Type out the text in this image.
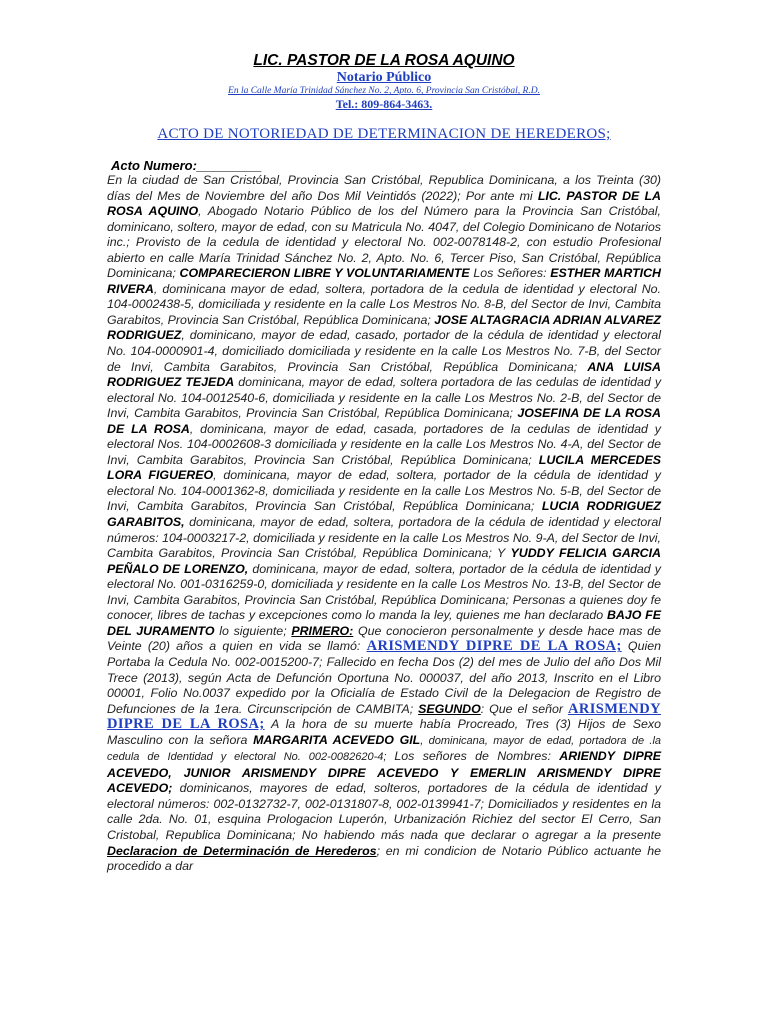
LIC. PASTOR DE LA ROSA AQUINO
Notario Público
En la Calle María Trinidad Sánchez No. 2, Apto. 6, Provincia San Cristóbal, R.D.
Tel.: 809-864-3463.
ACTO DE NOTORIEDAD DE DETERMINACION DE HEREDEROS;
Acto Numero:_________
En la ciudad de San Cristóbal, Provincia San Cristóbal, Republica Dominicana, a los Treinta (30) días del Mes de Noviembre del año Dos Mil Veintidós (2022); Por ante mi LIC. PASTOR DE LA ROSA AQUINO, Abogado Notario Público de los del Número para la Provincia San Cristóbal, dominicano, soltero, mayor de edad, con su Matricula No. 4047, del Colegio Dominicano de Notarios inc.; Provisto de la cedula de identidad y electoral No. 002-0078148-2, con estudio Profesional abierto en calle María Trinidad Sánchez No. 2, Apto. No. 6, Tercer Piso, San Cristóbal, República Dominicana; COMPARECIERON LIBRE Y VOLUNTARIAMENTE Los Señores: ESTHER MARTICH RIVERA, dominicana mayor de edad, soltera, portadora de la cedula de identidad y electoral No. 104-0002438-5, domiciliada y residente en la calle Los Mestros No. 8-B, del Sector de Invi, Cambita Garabitos, Provincia San Cristóbal, República Dominicana; JOSE ALTAGRACIA ADRIAN ALVAREZ RODRIGUEZ, dominicano, mayor de edad, casado, portador de la cédula de identidad y electoral No. 104-0000901-4, domiciliado domiciliada y residente en la calle Los Mestros No. 7-B, del Sector de Invi, Cambita Garabitos, Provincia San Cristóbal, República Dominicana; ANA LUISA RODRIGUEZ TEJEDA dominicana, mayor de edad, soltera portadora de las cedulas de identidad y electoral No. 104-0012540-6, domiciliada y residente en la calle Los Mestros No. 2-B, del Sector de Invi, Cambita Garabitos, Provincia San Cristóbal, República Dominicana; JOSEFINA DE LA ROSA DE LA ROSA, dominicana, mayor de edad, casada, portadores de la cedulas de identidad y electoral Nos. 104-0002608-3 domiciliada y residente en la calle Los Mestros No. 4-A, del Sector de Invi, Cambita Garabitos, Provincia San Cristóbal, República Dominicana; LUCILA MERCEDES LORA FIGUEREO, dominicana, mayor de edad, soltera, portador de la cédula de identidad y electoral No. 104-0001362-8, domiciliada y residente en la calle Los Mestros No. 5-B, del Sector de Invi, Cambita Garabitos, Provincia San Cristóbal, República Dominicana; LUCIA RODRIGUEZ GARABITOS, dominicana, mayor de edad, soltera, portadora de la cédula de identidad y electoral números: 104-0003217-2, domiciliada y residente en la calle Los Mestros No. 9-A, del Sector de Invi, Cambita Garabitos, Provincia San Cristóbal, República Dominicana; Y YUDDY FELICIA GARCIA PEÑALO DE LORENZO, dominicana, mayor de edad, soltera, portador de la cédula de identidad y electoral No. 001-0316259-0, domiciliada y residente en la calle Los Mestros No. 13-B, del Sector de Invi, Cambita Garabitos, Provincia San Cristóbal, República Dominicana; Personas a quienes doy fe conocer, libres de tachas y excepciones como lo manda la ley, quienes me han declarado BAJO FE DEL JURAMENTO lo siguiente; PRIMERO: Que conocieron personalmente y desde hace mas de Veinte (20) años a quien en vida se llamó: ARISMENDY DIPRE DE LA ROSA; Quien Portaba la Cedula No. 002-0015200-7; Fallecido en fecha Dos (2) del mes de Julio del año Dos Mil Trece (2013), según Acta de Defunción Oportuna No. 000037, del año 2013, Inscrito en el Libro 00001, Folio No.0037 expedido por la Oficialía de Estado Civil de la Delegacion de Registro de Defunciones de la 1era. Circunscripción de CAMBITA; SEGUNDO: Que el señor ARISMENDY DIPRE DE LA ROSA; A la hora de su muerte había Procreado, Tres (3) Hijos de Sexo Masculino con la señora MARGARITA ACEVEDO GIL, dominicana, mayor de edad, portadora de .la cedula de Identidad y electoral No. 002-0082620-4; Los señores de Nombres: ARIENDY DIPRE ACEVEDO, JUNIOR ARISMENDY DIPRE ACEVEDO Y EMERLIN ARISMENDY DIPRE ACEVEDO; dominicanos, mayores de edad, solteros, portadores de la cédula de identidad y electoral números: 002-0132732-7, 002-0131807-8, 002-0139941-7; Domiciliados y residentes en la calle 2da. No. 01, esquina Prologacion Luperón, Urbanización Richiez del sector El Cerro, San Cristobal, Republica Dominicana; No habiendo más nada que declarar o agregar a la presente Declaracion de Determinación de Herederos; en mi condicion de Notario Público actuante he procedido a dar
